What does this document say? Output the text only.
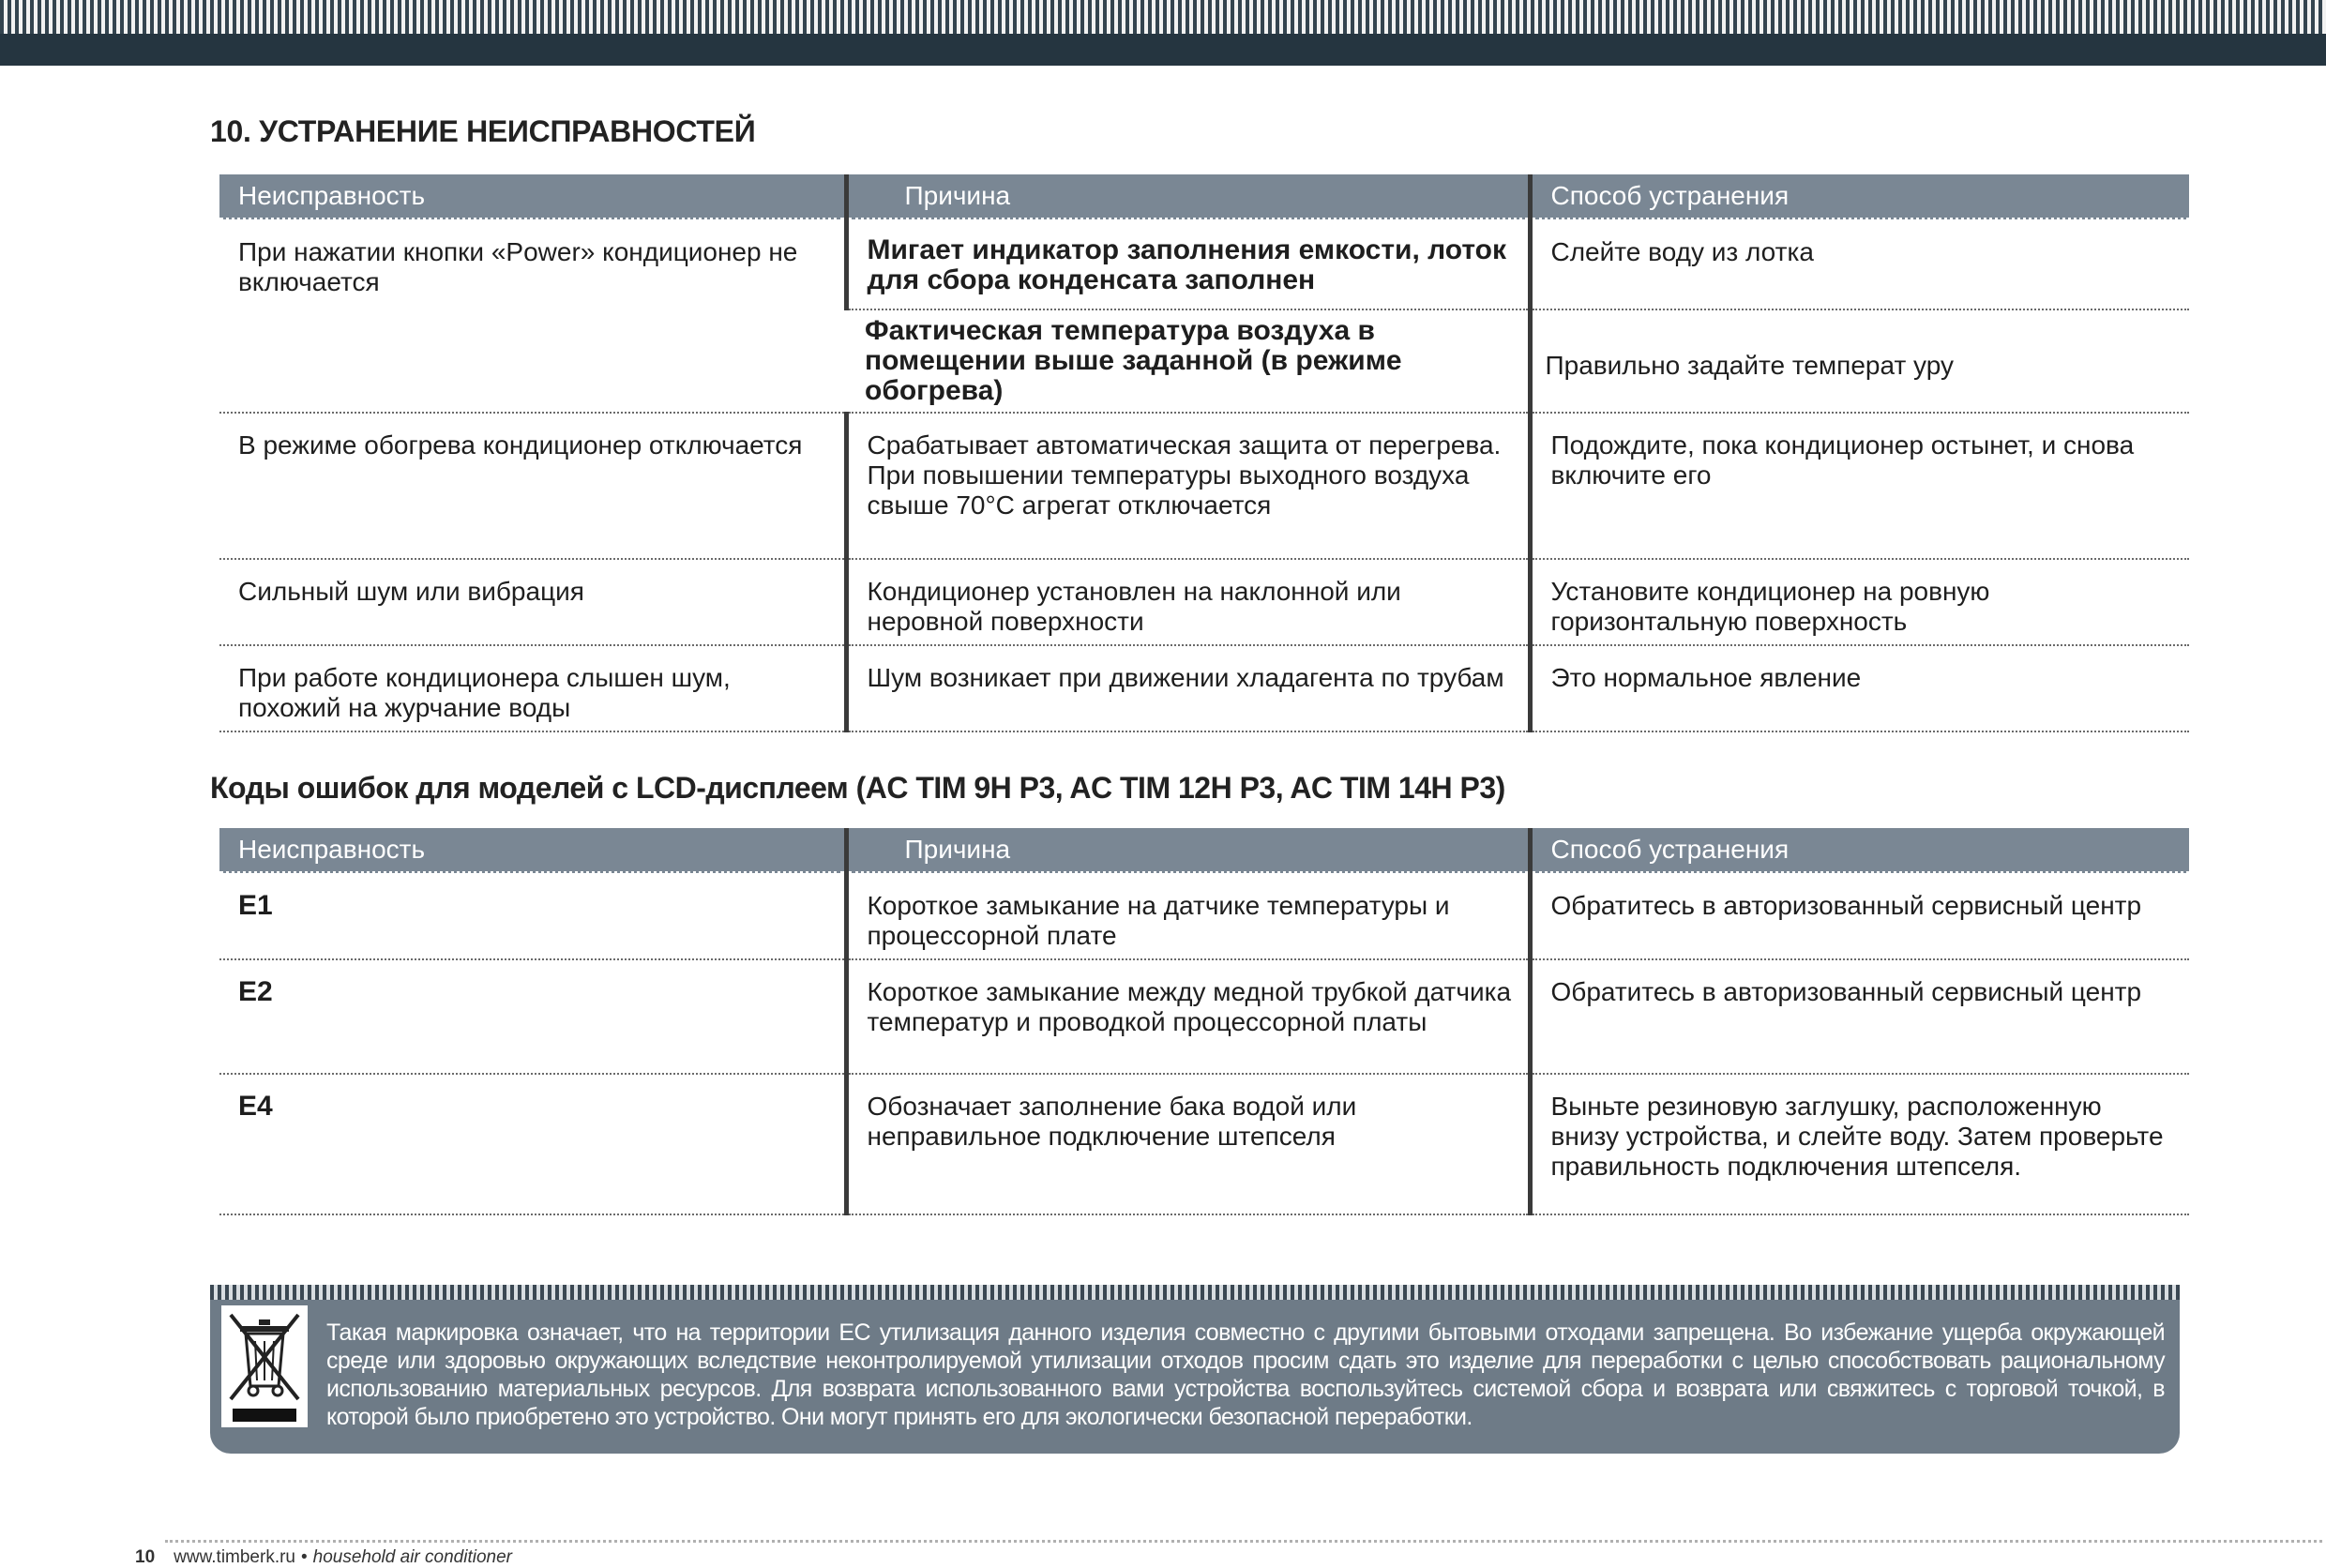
10. УСТРАНЕНИЕ НЕИСПРАВНОСТЕЙ
Неисправность	Причина	Способ устранения
При нажатии кнопки «Power» кондиционер не включается	Мигает индикатор заполнения емкости, лоток для сбора конденсата заполнен	Слейте воду из лотка
	Фактическая температура воздуха в помещении выше заданной (в режиме обогрева)	Правильно задайте температ уру
В режиме обогрева кондиционер отключается	Срабатывает автоматическая защита от перегрева. При повышении температуры выходного воздуха свыше 70°C агрегат отключается	Подождите, пока кондиционер остынет, и снова включите его
Сильный шум или вибрация	Кондиционер установлен на наклонной или неровной поверхности	Установите кондиционер на ровную горизонтальную поверхность
При работе кондиционера слышен шум, похожий на журчание воды	Шум возникает при движении хладагента по трубам	Это нормальное явление
Коды ошибок для моделей с LCD-дисплеем (AC TIM 9H P3, AC TIM 12H P3, AC TIM 14H P3)
Неисправность	Причина	Способ устранения
E1	Короткое замыкание на датчике температуры и процессорной плате	Обратитесь в авторизованный сервисный центр
E2	Короткое замыкание между медной трубкой датчика температур и проводкой процессорной платы	Обратитесь в авторизованный сервисный центр
E4	Обозначает заполнение бака водой или неправильное подключение штепселя	Выньте резиновую заглушку, расположенную внизу устройства, и слейте воду. Затем проверьте правильность подключения штепселя.
Такая маркировка означает, что на территории ЕС утилизация данного изделия совместно с другими бытовыми отходами запрещена. Во избежание ущерба окружающей среде или здоровью окружающих вследствие неконтролируемой утилизации отходов просим сдать это изделие для переработки с целью способствовать рациональному использованию материальных ресурсов. Для возврата использованного вами устройства воспользуйтесь системой сбора и возврата или свяжитесь с торговой точкой, в которой было приобретено это устройство. Они могут принять его для экологически безопасной переработки.
10 www.timberk.ru • household air conditioner
